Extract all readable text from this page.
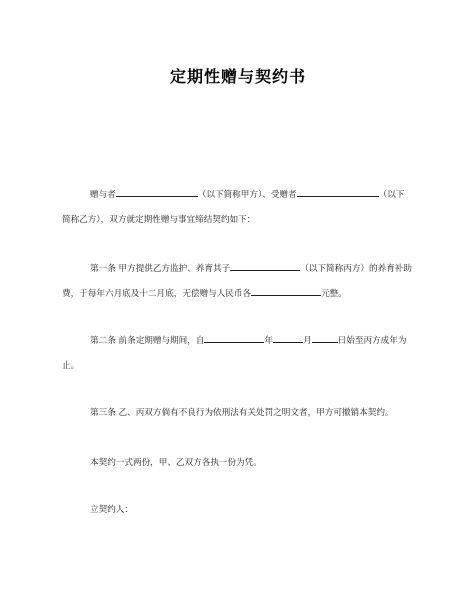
定期性赠与契约书
赠与者	（以下简称甲方）、受赠者	（以下简称乙方），双方就定期性赠与事宜缔结契约如下：
第一条 甲方提供乙方监护、养育其子	（以下简称丙方）的养育补助费，于每年六月底及十二月底，无偿赠与人民币各	元整。
第二条 前条定期赠与期间，自	年	月	日始至丙方成年为止。
第三条 乙、丙双方倘有不良行为依刑法有关处罚之明文者，甲方可撤销本契约。
本契约一式两份，甲、乙双方各执一份为凭。
立契约人：
